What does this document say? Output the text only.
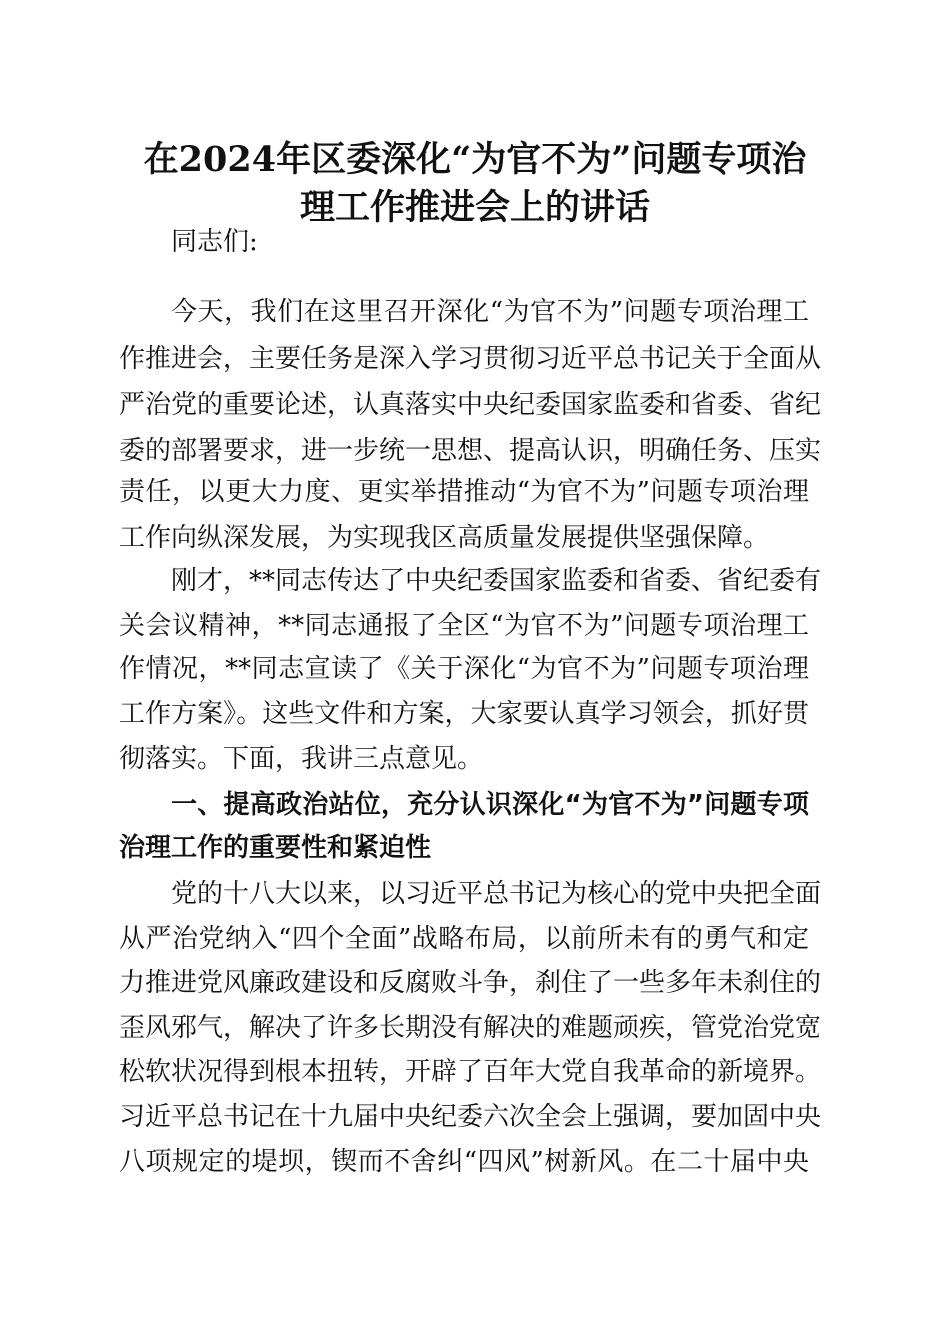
在2024年区委深化“为官不为”问题专项治
理工作推进会上的讲话
同志们:
今天，我们在这里召开深化“为官不为”问题专项治理工
作推进会，主要任务是深入学习贯彻习近平总书记关于全面从
严治党的重要论述，认真落实中央纪委国家监委和省委、省纪
委的部署要求，进一步统一思想、提高认识，明确任务、压实
责任，以更大力度、更实举措推动“为官不为”问题专项治理
工作向纵深发展，为实现我区高质量发展提供坚强保障。
刚才，**同志传达了中央纪委国家监委和省委、省纪委有
关会议精神，**同志通报了全区“为官不为”问题专项治理工
作情况，**同志宣读了《关于深化“为官不为”问题专项治理
工作方案》。这些文件和方案，大家要认真学习领会，抓好贯
彻落实。下面，我讲三点意见。
一、提高政治站位，充分认识深化“为官不为”问题专项
治理工作的重要性和紧迫性
党的十八大以来，以习近平总书记为核心的党中央把全面
从严治党纳入“四个全面”战略布局，以前所未有的勇气和定
力推进党风廉政建设和反腐败斗争，刹住了一些多年未刹住的
歪风邪气，解决了许多长期没有解决的难题顽疾，管党治党宽
松软状况得到根本扭转，开辟了百年大党自我革命的新境界。
习近平总书记在十九届中央纪委六次全会上强调，要加固中央
八项规定的堤坝，锲而不舍纠“四风”树新风。在二十届中央
